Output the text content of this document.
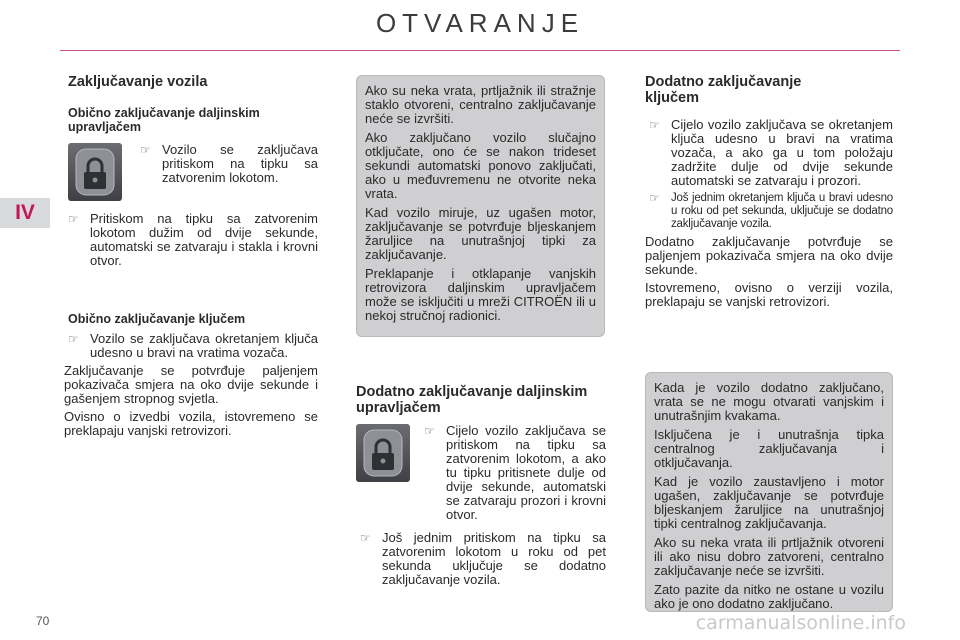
OTVARANJE
IV
70	carmanualsonline.info
Zaključavanje vozila
Obično zaključavanje daljinskim upravljačem
☞ Vozilo se zaključava pritiskom na tipku sa zatvorenim lokotom.
☞ Pritiskom na tipku sa zatvorenim lokotom dužim od dvije sekunde, automatski se zatvaraju i stakla i krovni otvor.
Obično zaključavanje ključem
☞ Vozilo se zaključava okretanjem ključa udesno u bravi na vratima vozača.

Zaključavanje se potvrđuje paljenjem pokazivača smjera na oko dvije sekunde i gašenjem stropnog svjetla.

Ovisno o izvedbi vozila, istovremeno se preklapaju vanjski retrovizori.

Ako su neka vrata, prtljažnik ili stražnje staklo otvoreni, centralno zaključavanje neće se izvršiti.

Ako zaključano vozilo slučajno otključate, ono će se nakon trideset sekundi automatski ponovo zaključati, ako u međuvremenu ne otvorite neka vrata.

Kad vozilo miruje, uz ugašen motor, zaključavanje se potvrđuje bljeskanjem žaruljice na unutrašnjoj tipki za zaključavanje.

Preklapanje i otklapanje vanjskih retrovizora daljinskim upravljačem može se isključiti u mreži CITROËN ili u nekoj stručnoj radionici.

Dodatno zaključavanje daljinskim upravljačem
☞ Cijelo vozilo zaključava se pritiskom na tipku sa zatvorenim lokotom, a ako tu tipku pritisnete dulje od dvije sekunde, automatski se zatvaraju prozori i krovni otvor.
☞ Još jednim pritiskom na tipku sa zatvorenim lokotom u roku od pet sekunda uključuje se dodatno zaključavanje vozila.
Dodatno zaključavanje ključem
☞ Cijelo vozilo zaključava se okretanjem ključa udesno u bravi na vratima vozača, a ako ga u tom položaju zadržite dulje od dvije sekunde automatski se zatvaraju i prozori.
☞ Još jednim okretanjem ključa u bravi udesno u roku od pet sekunda, uključuje se dodatno zaključavanje vozila.

Dodatno zaključavanje potvrđuje se paljenjem pokazivača smjera na oko dvije sekunde.

Istovremeno, ovisno o verziji vozila, preklapaju se vanjski retrovizori.

Kada je vozilo dodatno zaključano, vrata se ne mogu otvarati vanjskim i unutrašnjim kvakama.

Isključena je i unutrašnja tipka centralnog zaključavanja i otključavanja.

Kad je vozilo zaustavljeno i motor ugašen, zaključavanje se potvrđuje bljeskanjem žaruljice na unutrašnjoj tipki centralnog zaključavanja.

Ako su neka vrata ili prtljažnik otvoreni ili ako nisu dobro zatvoreni, centralno zaključavanje neće se izvršiti.

Zato pazite da nitko ne ostane u vozilu ako je ono dodatno zaključano.
